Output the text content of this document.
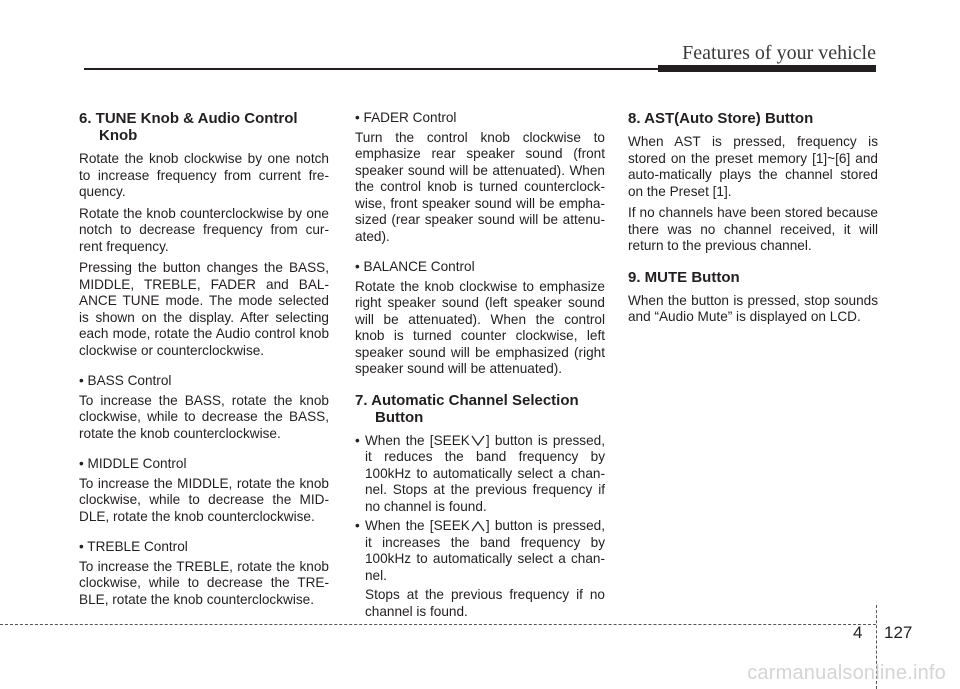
Features of your vehicle
6. TUNE Knob & Audio Control Knob

Rotate the knob clockwise by one notch to increase frequency from current fre-quency.

Rotate the knob counterclockwise by one notch to decrease frequency from cur-rent frequency.

Pressing the button changes the BASS, MIDDLE, TREBLE, FADER and BAL-ANCE TUNE mode. The mode selected is shown on the display. After selecting each mode, rotate the Audio control knob clockwise or counterclockwise.

• BASS Control

To increase the BASS, rotate the knob clockwise, while to decrease the BASS, rotate the knob counterclockwise.

• MIDDLE Control

To increase the MIDDLE, rotate the knob clockwise, while to decrease the MID-DLE, rotate the knob counterclockwise.

• TREBLE Control

To increase the TREBLE, rotate the knob clockwise, while to decrease the TRE-BLE, rotate the knob counterclockwise.

• FADER Control

Turn the control knob clockwise to emphasize rear speaker sound (front speaker sound will be attenuated). When the control knob is turned counterclock-wise, front speaker sound will be empha-sized (rear speaker sound will be attenu-ated).

• BALANCE Control

Rotate the knob clockwise to emphasize right speaker sound (left speaker sound will be attenuated). When the control knob is turned counter clockwise, left speaker sound will be emphasized (right speaker sound will be attenuated).

7. Automatic Channel Selection Button
• When the [SEEK ] button is pressed, it reduces the band frequency by 100kHz to automatically select a chan-nel. Stops at the previous frequency if no channel is found.
• When the [SEEK ] button is pressed, it increases the band frequency by 100kHz to automatically select a chan-nel.

Stops at the previous frequency if no channel is found.

8. AST(Auto Store) Button

When AST is pressed, frequency is stored on the preset memory [1]~[6] and auto-matically plays the channel stored on the Preset [1].

If no channels have been stored because there was no channel received, it will return to the previous channel.

9. MUTE Button

When the button is pressed, stop sounds and “Audio Mute” is displayed on LCD.

4 127
carmanualsonline.info
